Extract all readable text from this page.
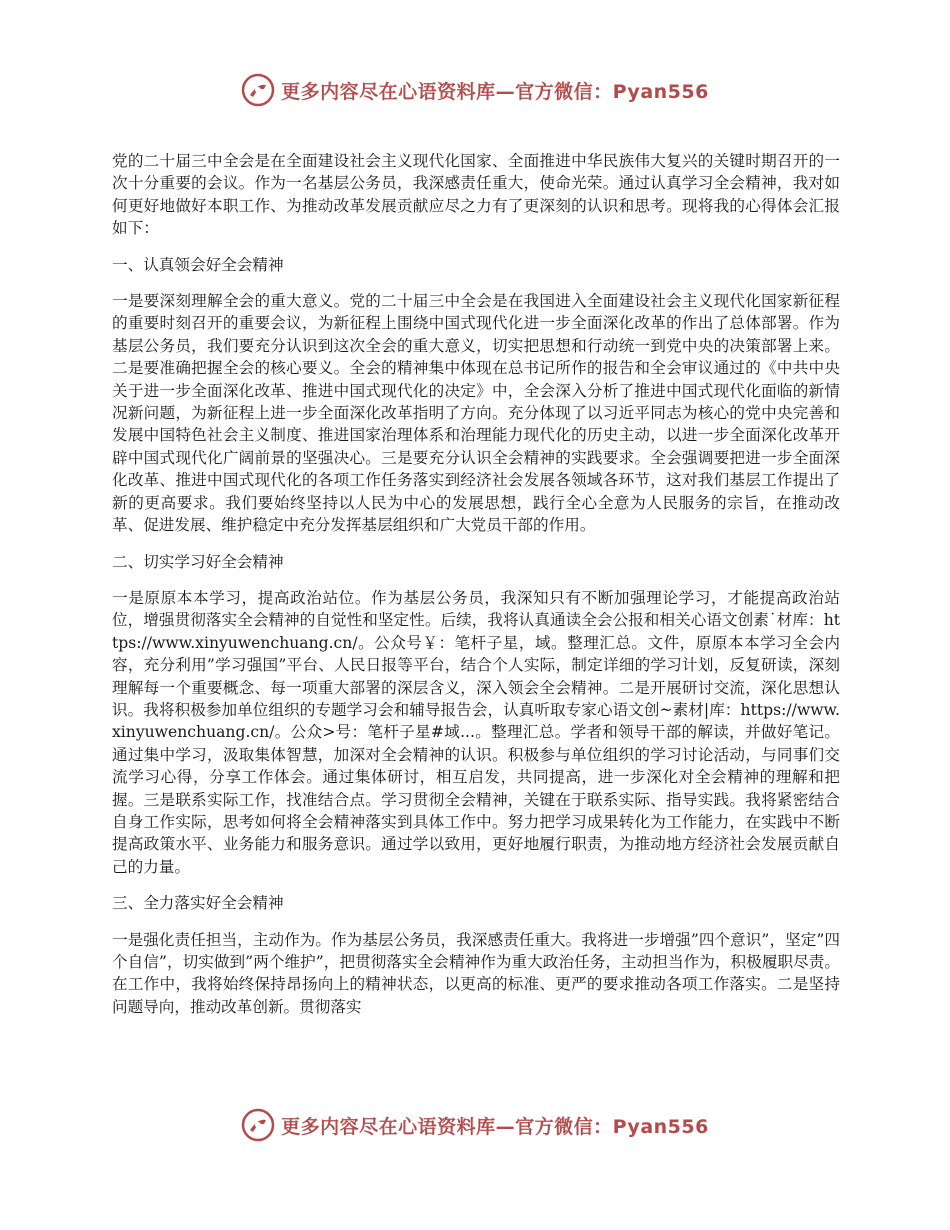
更多内容尽在心语资料库—官方微信：Pyan556

党的二十届三中全会是在全面建设社会主义现代化国家、全面推进中华民族伟大复兴的关键时期召开的一次十分重要的会议。作为一名基层公务员，我深感责任重大，使命光荣。通过认真学习全会精神，我对如何更好地做好本职工作、为推动改革发展贡献应尽之力有了更深刻的认识和思考。现将我的心得体会汇报如下：

一、认真领会好全会精神

一是要深刻理解全会的重大意义。党的二十届三中全会是在我国进入全面建设社会主义现代化国家新征程的重要时刻召开的重要会议，为新征程上围绕中国式现代化进一步全面深化改革的作出了总体部署。作为基层公务员，我们要充分认识到这次全会的重大意义，切实把思想和行动统一到党中央的决策部署上来。二是要准确把握全会的核心要义。全会的精神集中体现在总书记所作的报告和全会审议通过的《中共中央关于进一步全面深化改革、推进中国式现代化的决定》中，全会深入分析了推进中国式现代化面临的新情况新问题，为新征程上进一步全面深化改革指明了方向。充分体现了以习近平同志为核心的党中央完善和发展中国特色社会主义制度、推进国家治理体系和治理能力现代化的历史主动，以进一步全面深化改革开辟中国式现代化广阔前景的坚强决心。三是要充分认识全会精神的实践要求。全会强调要把进一步全面深化改革、推进中国式现代化的各项工作任务落实到经济社会发展各领域各环节，这对我们基层工作提出了新的更高要求。我们要始终坚持以人民为中心的发展思想，践行全心全意为人民服务的宗旨，在推动改革、促进发展、维护稳定中充分发挥基层组织和广大党员干部的作用。

二、切实学习好全会精神

一是原原本本学习，提高政治站位。作为基层公务员，我深知只有不断加强理论学习，才能提高政治站位，增强贯彻落实全会精神的自觉性和坚定性。后续，我将认真通读全会公报和相关心语文创素˙材库：https://www.xinyuwenchuang.cn/。公众号￥：笔杆子星，域。整理汇总。文件，原原本本学习全会内容，充分利用”学习强国”平台、人民日报等平台，结合个人实际，制定详细的学习计划，反复研读，深刻理解每一个重要概念、每一项重大部署的深层含义，深入领会全会精神。二是开展研讨交流，深化思想认识。我将积极参加单位组织的专题学习会和辅导报告会，认真听取专家心语文创~素材|库：https://www.xinyuwenchuang.cn/。公众>号：笔杆子星#域...。整理汇总。学者和领导干部的解读，并做好笔记。通过集中学习，汲取集体智慧，加深对全会精神的认识。积极参与单位组织的学习讨论活动，与同事们交流学习心得，分享工作体会。通过集体研讨，相互启发，共同提高，进一步深化对全会精神的理解和把握。三是联系实际工作，找准结合点。学习贯彻全会精神，关键在于联系实际、指导实践。我将紧密结合自身工作实际，思考如何将全会精神落实到具体工作中。努力把学习成果转化为工作能力，在实践中不断提高政策水平、业务能力和服务意识。通过学以致用，更好地履行职责，为推动地方经济社会发展贡献自己的力量。

三、全力落实好全会精神

一是强化责任担当，主动作为。作为基层公务员，我深感责任重大。我将进一步增强”四个意识”，坚定”四个自信”，切实做到”两个维护”，把贯彻落实全会精神作为重大政治任务，主动担当作为，积极履职尽责。在工作中，我将始终保持昂扬向上的精神状态，以更高的标准、更严的要求推动各项工作落实。二是坚持问题导向，推动改革创新。贯彻落实

更多内容尽在心语资料库—官方微信：Pyan556
